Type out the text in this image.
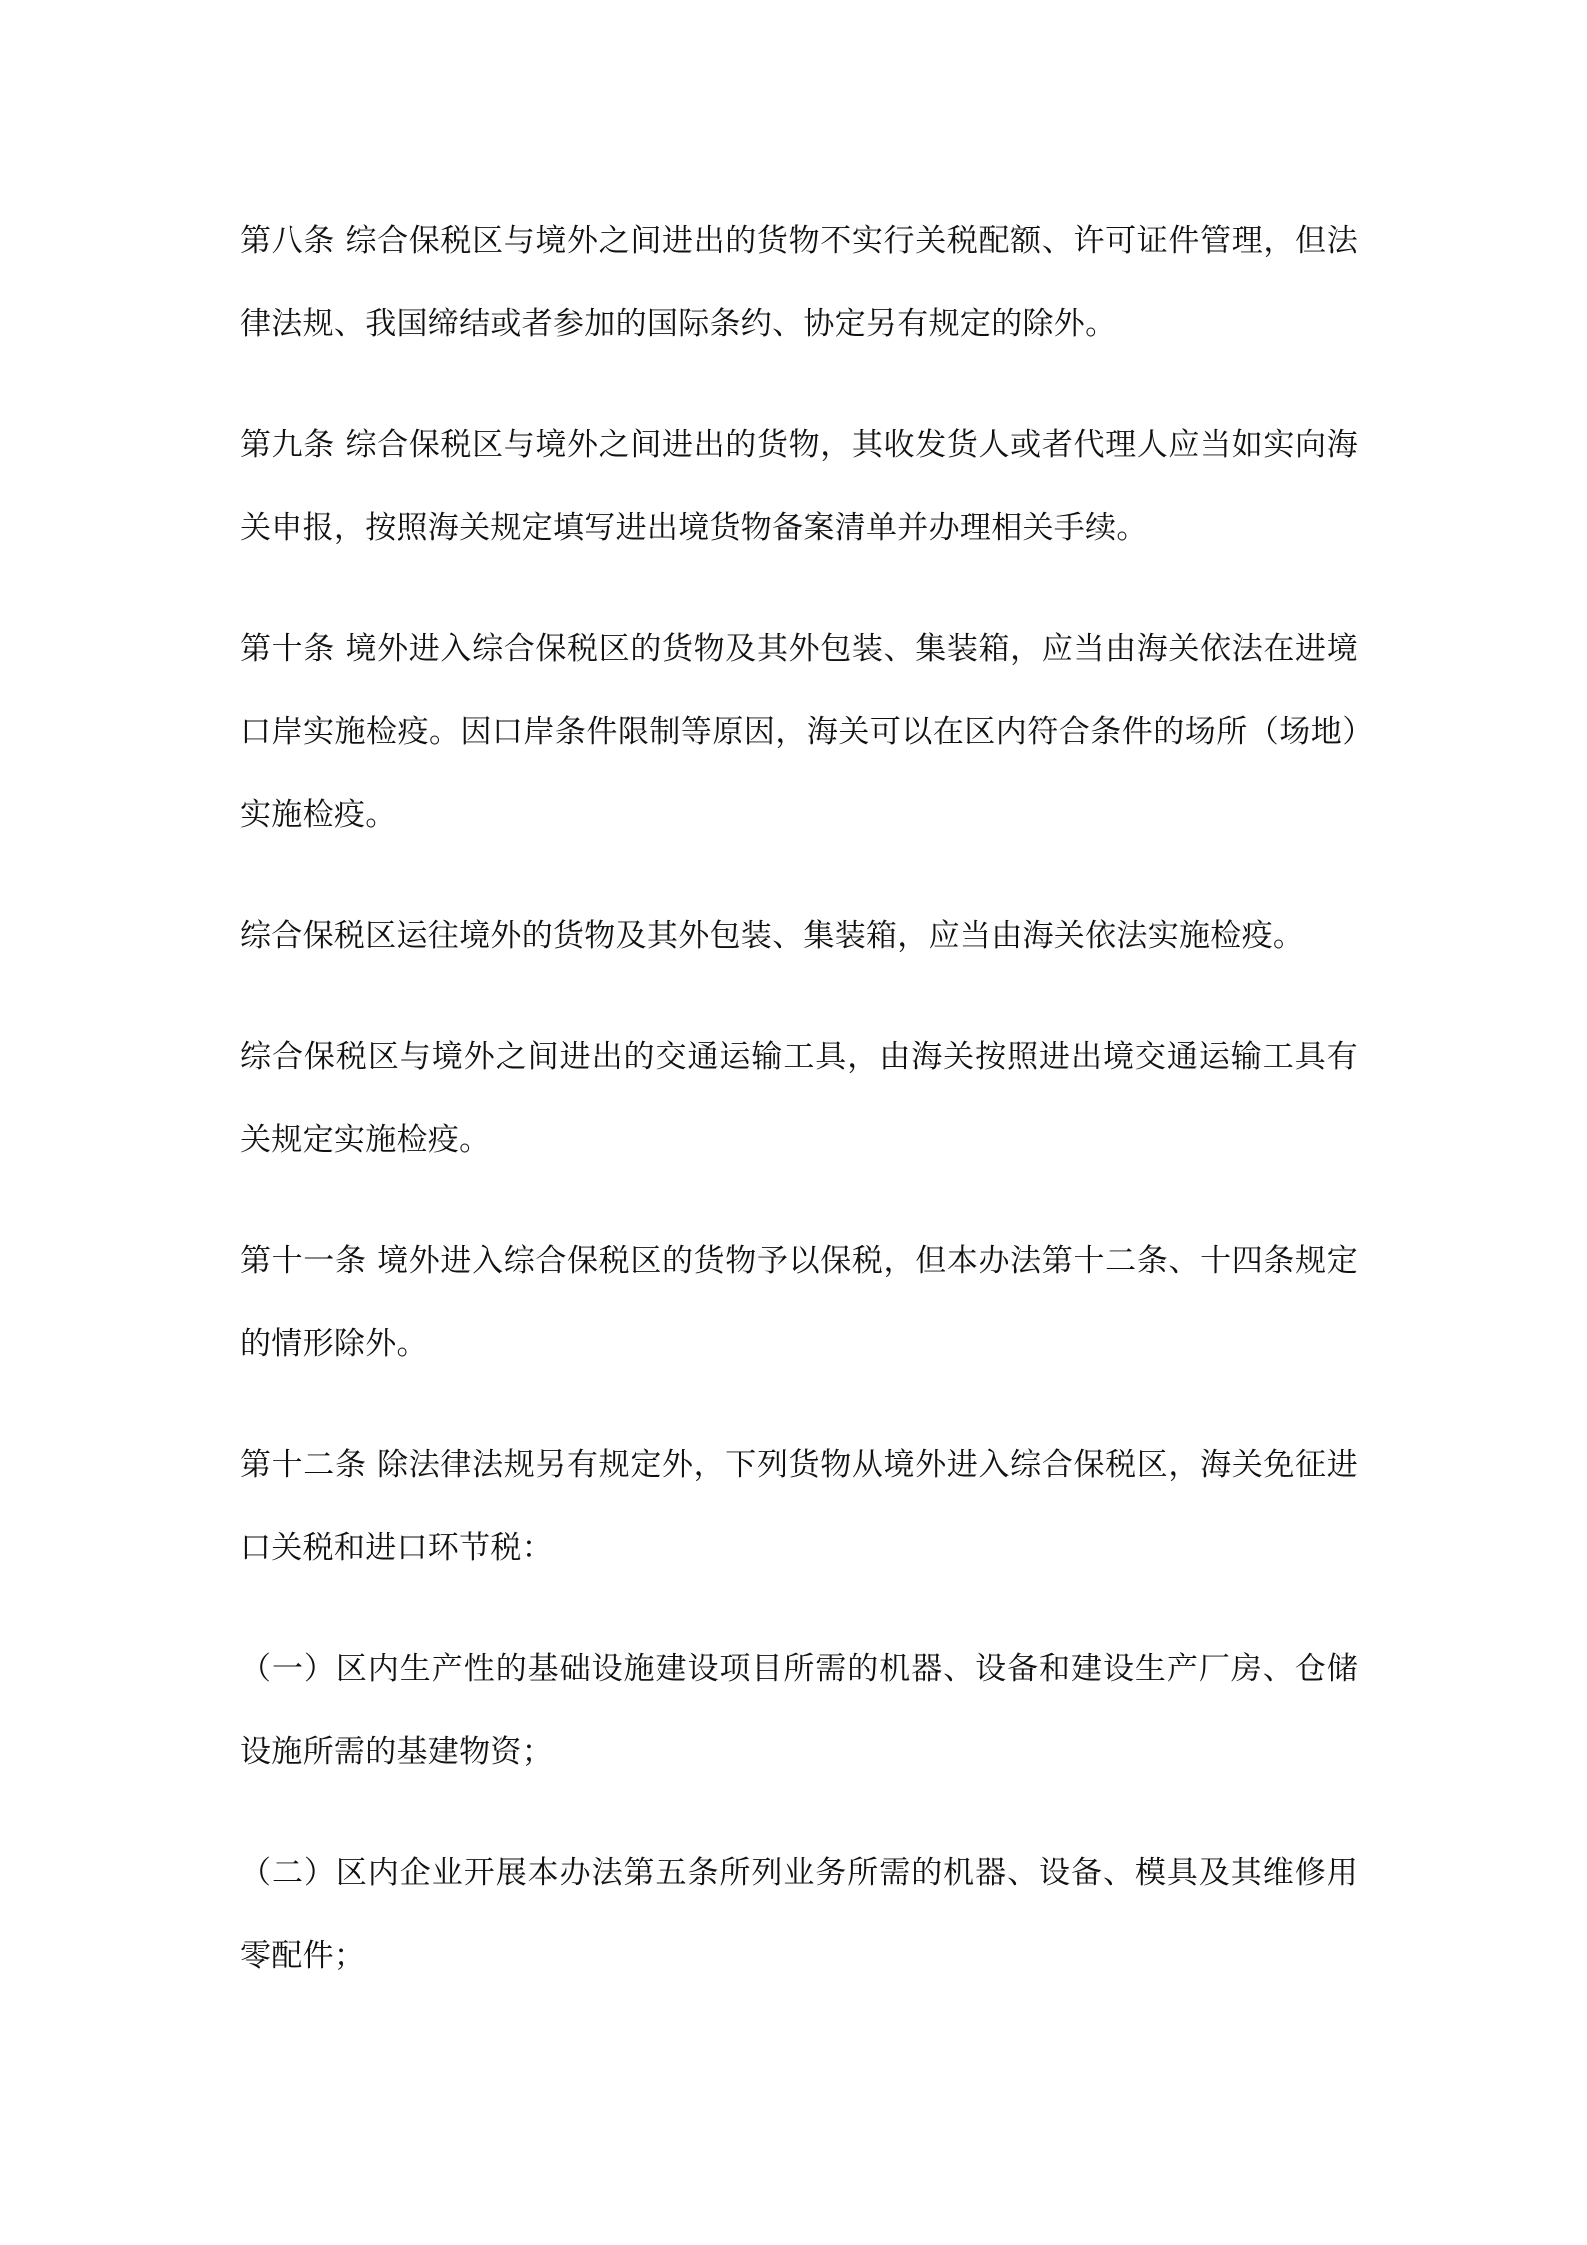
第八条 综合保税区与境外之间进出的货物不实行关税配额、许可证件管理，但法律法规、我国缔结或者参加的国际条约、协定另有规定的除外。

第九条 综合保税区与境外之间进出的货物，其收发货人或者代理人应当如实向海关申报，按照海关规定填写进出境货物备案清单并办理相关手续。

第十条 境外进入综合保税区的货物及其外包装、集装箱，应当由海关依法在进境口岸实施检疫。因口岸条件限制等原因，海关可以在区内符合条件的场所（场地）实施检疫。

综合保税区运往境外的货物及其外包装、集装箱，应当由海关依法实施检疫。

综合保税区与境外之间进出的交通运输工具，由海关按照进出境交通运输工具有关规定实施检疫。

第十一条 境外进入综合保税区的货物予以保税，但本办法第十二条、十四条规定的情形除外。

第十二条 除法律法规另有规定外，下列货物从境外进入综合保税区，海关免征进口关税和进口环节税：

（一）区内生产性的基础设施建设项目所需的机器、设备和建设生产厂房、仓储设施所需的基建物资；

（二）区内企业开展本办法第五条所列业务所需的机器、设备、模具及其维修用零配件；
